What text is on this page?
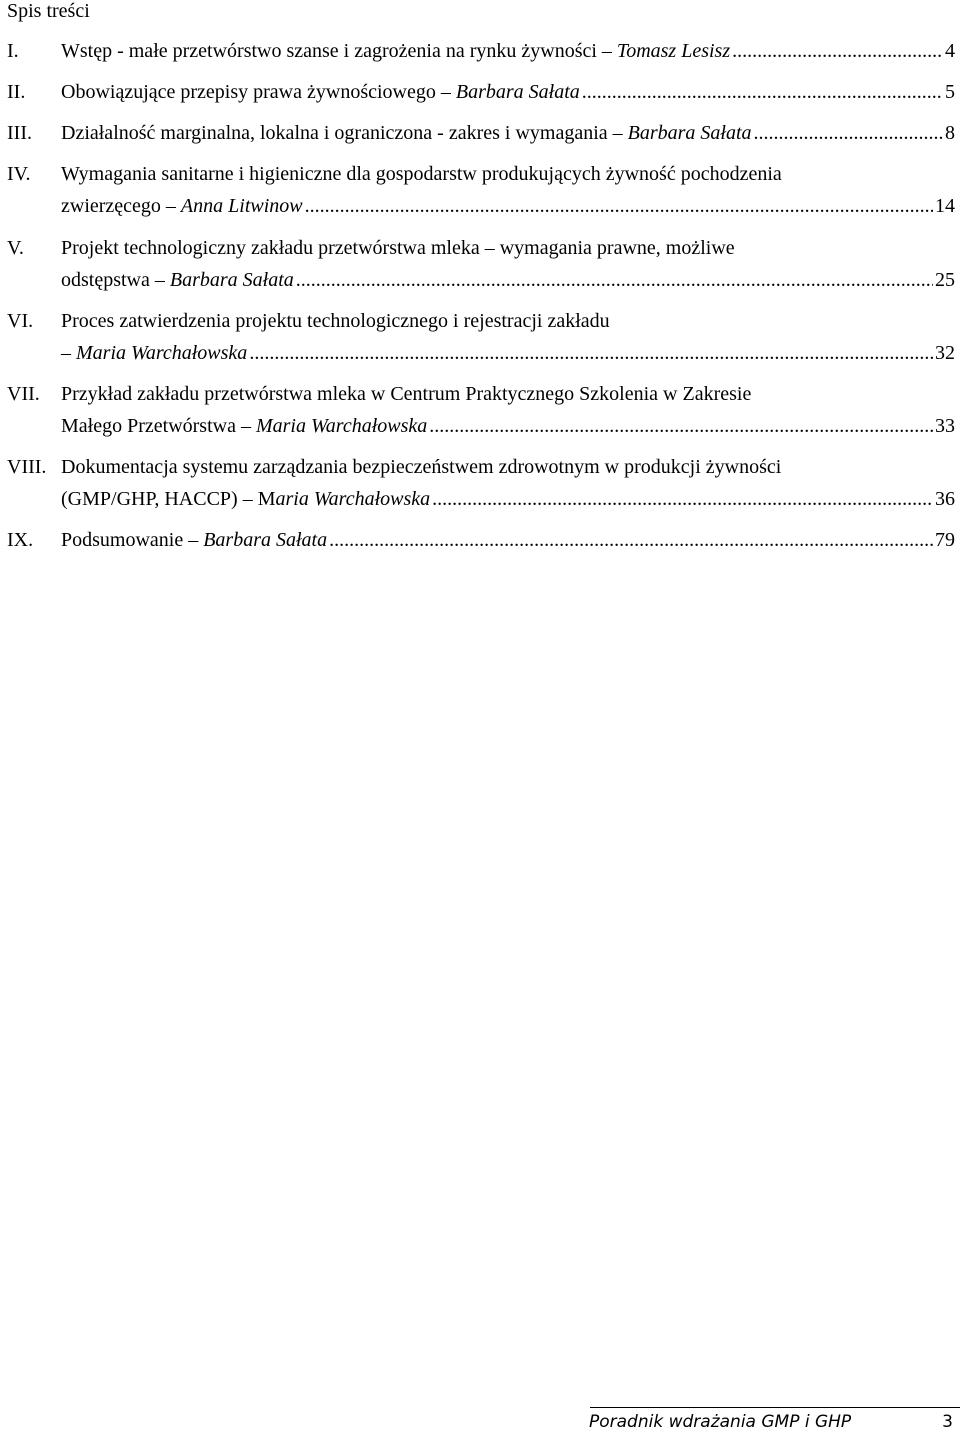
Spis treści
I.	Wstęp - małe przetwórstwo szanse i zagrożenia na rynku żywności – Tomasz Lesisz .....	4
II.	Obowiązujące przepisy prawa żywnościowego – Barbara Sałata .....	5
III.	Działalność marginalna, lokalna i ograniczona - zakres i wymagania – Barbara Sałata .....	8
IV.	Wymagania sanitarne i higieniczne dla gospodarstw produkujących żywność pochodzenia
zwierzęcego – Anna Litwinow .....	14
V.	Projekt technologiczny zakładu przetwórstwa mleka – wymagania prawne, możliwe
odstępstwa – Barbara Sałata .....	25
VI.	Proces zatwierdzenia projektu technologicznego i rejestracji zakładu
– Maria Warchałowska .....	32
VII.	Przykład zakładu przetwórstwa mleka w Centrum Praktycznego Szkolenia w Zakresie
Małego Przetwórstwa – Maria Warchałowska .....	33
VIII. Dokumentacja systemu zarządzania bezpieczeństwem zdrowotnym w produkcji żywności
(GMP/GHP, HACCP) – Maria Warchałowska .....	36
IX.	Podsumowanie – Barbara Sałata .....	79
Poradnik wdrażania GMP i GHP	3
